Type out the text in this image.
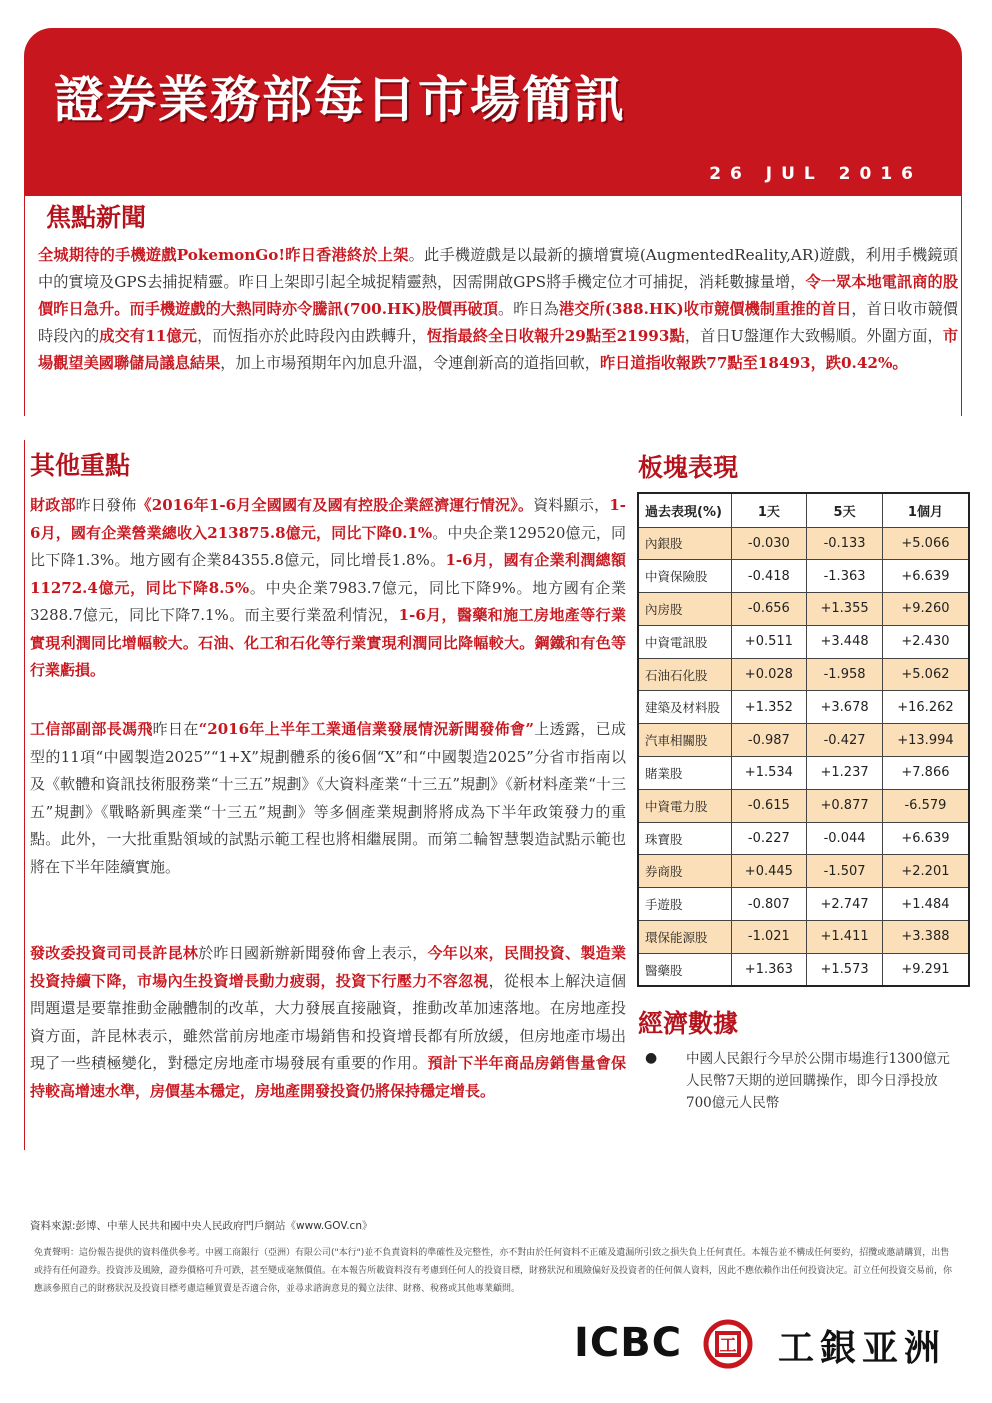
證券業務部每日市場簡訊
26 JUL 2016
焦點新聞
全城期待的手機遊戲PokemonGo!昨日香港終於上架。此手機遊戲是以最新的擴增實境(AugmentedReality,AR)遊戲，利用手機鏡頭中的實境及GPS去捕捉精靈。昨日上架即引起全城捉精靈熱，因需開啟GPS將手機定位才可捕捉，消耗數據量增，令一眾本地電訊商的股價昨日急升。而手機遊戲的大熱同時亦令騰訊(700.HK)股價再破頂。昨日為港交所(388.HK)收市競價機制重推的首日，首日收市競價時段內的成交有11億元，而恆指亦於此時段內由跌轉升，恆指最終全日收報升29點至21993點，首日U盤運作大致暢順。外圍方面，市場觀望美國聯儲局議息結果，加上市場預期年內加息升溫，令連創新高的道指回軟，昨日道指收報跌77點至18493，跌0.42%。
其他重點
財政部昨日發佈《2016年1-6月全國國有及國有控股企業經濟運行情況》。資料顯示，1-6月，國有企業營業總收入213875.8億元，同比下降0.1%。中央企業129520億元，同比下降1.3%。地方國有企業84355.8億元，同比增長1.8%。1-6月，國有企業利潤總額11272.4億元，同比下降8.5%。中央企業7983.7億元，同比下降9%。地方國有企業3288.7億元，同比下降7.1%。而主要行業盈利情況，1-6月，醫藥和施工房地產等行業實現利潤同比增幅較大。石油、化工和石化等行業實現利潤同比降幅較大。鋼鐵和有色等行業虧損。
工信部副部長馮飛昨日在“2016年上半年工業通信業發展情況新聞發佈會”上透露，已成型的11項“中國製造2025”“1+X”規劃體系的後6個“X”和“中國製造2025”分省市指南以及《軟體和資訊技術服務業“十三五”規劃》《大資料產業“十三五”規劃》《新材料產業“十三五”規劃》《戰略新興產業“十三五”規劃》等多個產業規劃將將成為下半年政策發力的重點。此外，一大批重點領域的試點示範工程也將相繼展開。而第二輪智慧製造試點示範也將在下半年陸續實施。
發改委投資司司長許昆林於昨日國新辦新聞發佈會上表示，今年以來，民間投資、製造業投資持續下降，市場內生投資增長動力疲弱，投資下行壓力不容忽視，從根本上解決這個問題還是要靠推動金融體制的改革，大力發展直接融資，推動改革加速落地。在房地產投資方面，許昆林表示，雖然當前房地產市場銷售和投資增長都有所放緩，但房地產市場出現了一些積極變化，對穩定房地產市場發展有重要的作用。預計下半年商品房銷售量會保持較高增速水準，房價基本穩定，房地產開發投資仍將保持穩定增長。
板塊表現
過去表現(%)	1天	5天	1個月
內銀股	-0.030	-0.133	+5.066
中資保險股	-0.418	-1.363	+6.639
內房股	-0.656	+1.355	+9.260
中資電訊股	+0.511	+3.448	+2.430
石油石化股	+0.028	-1.958	+5.062
建築及材料股	+1.352	+3.678	+16.262
汽車相關股	-0.987	-0.427	+13.994
賭業股	+1.534	+1.237	+7.866
中資電力股	-0.615	+0.877	-6.579
珠寶股	-0.227	-0.044	+6.639
券商股	+0.445	-1.507	+2.201
手遊股	-0.807	+2.747	+1.484
環保能源股	-1.021	+1.411	+3.388
醫藥股	+1.363	+1.573	+9.291
經濟數據
● 中國人民銀行今早於公開市場進行1300億元人民幣7天期的逆回購操作，即今日淨投放700億元人民幣
資料來源:彭博、中華人民共和國中央人民政府門戶網站《www.GOV.cn》
免責聲明：這份報告提供的資料僅供參考。中國工商銀行（亞洲）有限公司("本行")並不負責資料的準確性及完整性，亦不對由於任何資料不正確及遺漏所引致之損失負上任何責任。本報告並不構成任何要約，招攬或邀請購買，出售或持有任何證券。投資涉及風險，證券價格可升可跌，甚至變成毫無價值。在本報告所載資料沒有考慮到任何人的投資目標，財務狀況和風險偏好及投資者的任何個人資料，因此不應依賴作出任何投資決定。訂立任何投資交易前，你應該參照自己的財務狀況及投資目標考慮這種買賣是否適合你，並尋求諮詢意見的獨立法律、財務、稅務或其他專業顧問。
ICBC 工 工銀亚洲
